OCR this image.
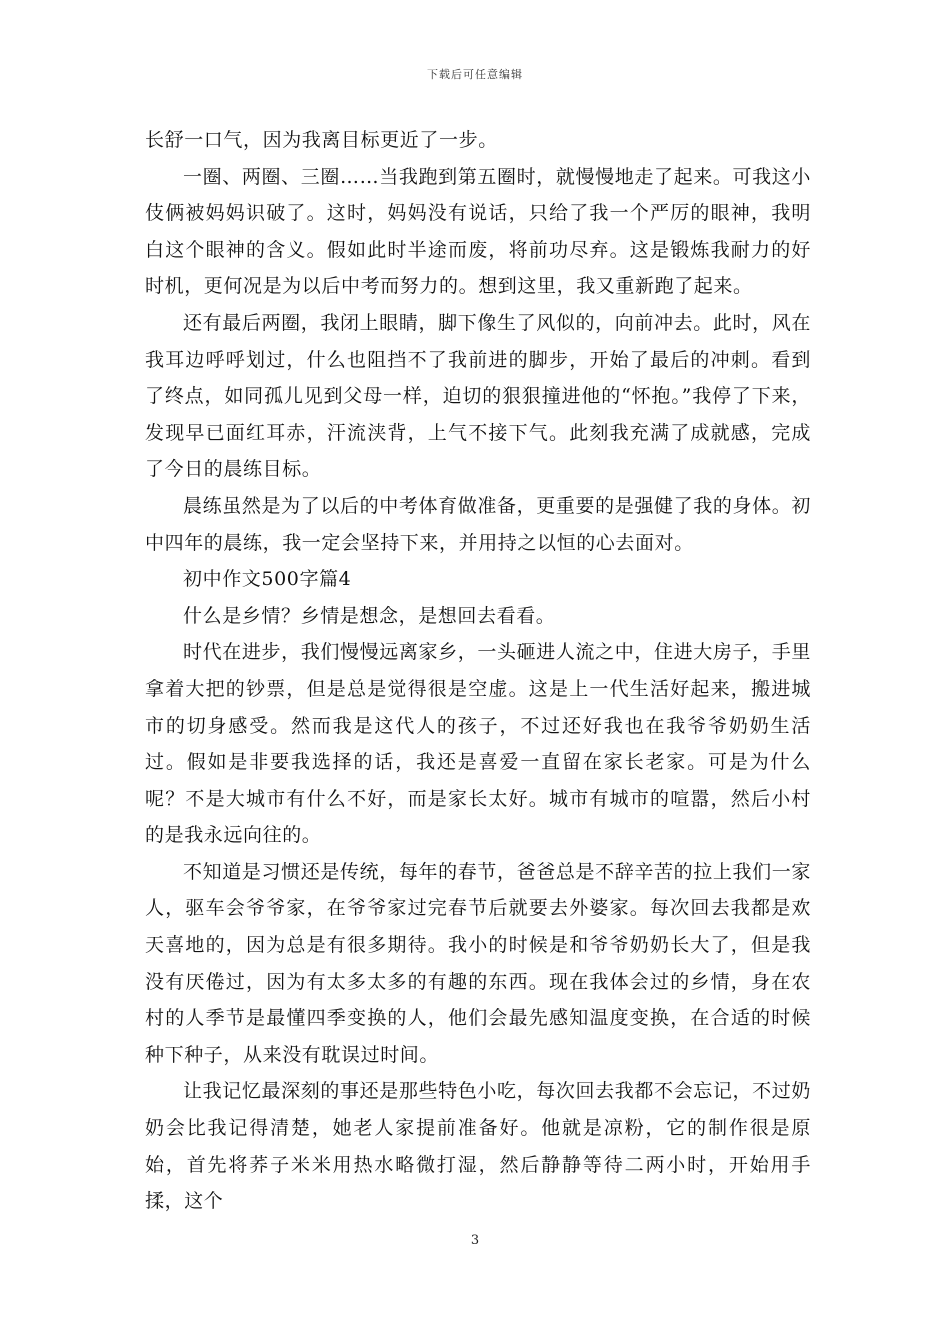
下载后可任意编辑

长舒一口气，因为我离目标更近了一步。

一圈、两圈、三圈……当我跑到第五圈时，就慢慢地走了起来。可我这小伎俩被妈妈识破了。这时，妈妈没有说话，只给了我一个严厉的眼神，我明白这个眼神的含义。假如此时半途而废，将前功尽弃。这是锻炼我耐力的好时机，更何况是为以后中考而努力的。想到这里，我又重新跑了起来。

还有最后两圈，我闭上眼睛，脚下像生了风似的，向前冲去。此时，风在我耳边呼呼划过，什么也阻挡不了我前进的脚步，开始了最后的冲刺。看到了终点，如同孤儿见到父母一样，迫切的狠狠撞进他的“怀抱。”我停了下来，发现早已面红耳赤，汗流浃背，上气不接下气。此刻我充满了成就感，完成了今日的晨练目标。

晨练虽然是为了以后的中考体育做准备，更重要的是强健了我的身体。初中四年的晨练，我一定会坚持下来，并用持之以恒的心去面对。

初中作文500字篇4

什么是乡情？乡情是想念，是想回去看看。

时代在进步，我们慢慢远离家乡，一头砸进人流之中，住进大房子，手里拿着大把的钞票，但是总是觉得很是空虚。这是上一代生活好起来，搬进城市的切身感受。然而我是这代人的孩子，不过还好我也在我爷爷奶奶生活过。假如是非要我选择的话，我还是喜爱一直留在家长老家。可是为什么呢？不是大城市有什么不好，而是家长太好。城市有城市的喧嚣，然后小村的是我永远向往的。

不知道是习惯还是传统，每年的春节，爸爸总是不辞辛苦的拉上我们一家人，驱车会爷爷家，在爷爷家过完春节后就要去外婆家。每次回去我都是欢天喜地的，因为总是有很多期待。我小的时候是和爷爷奶奶长大了，但是我没有厌倦过，因为有太多太多的有趣的东西。现在我体会过的乡情，身在农村的人季节是最懂四季变换的人，他们会最先感知温度变换，在合适的时候种下种子，从来没有耽误过时间。

让我记忆最深刻的事还是那些特色小吃，每次回去我都不会忘记，不过奶奶会比我记得清楚，她老人家提前准备好。他就是凉粉，它的制作很是原始，首先将荞子米米用热水略微打湿，然后静静等待二两小时，开始用手揉，这个

3
